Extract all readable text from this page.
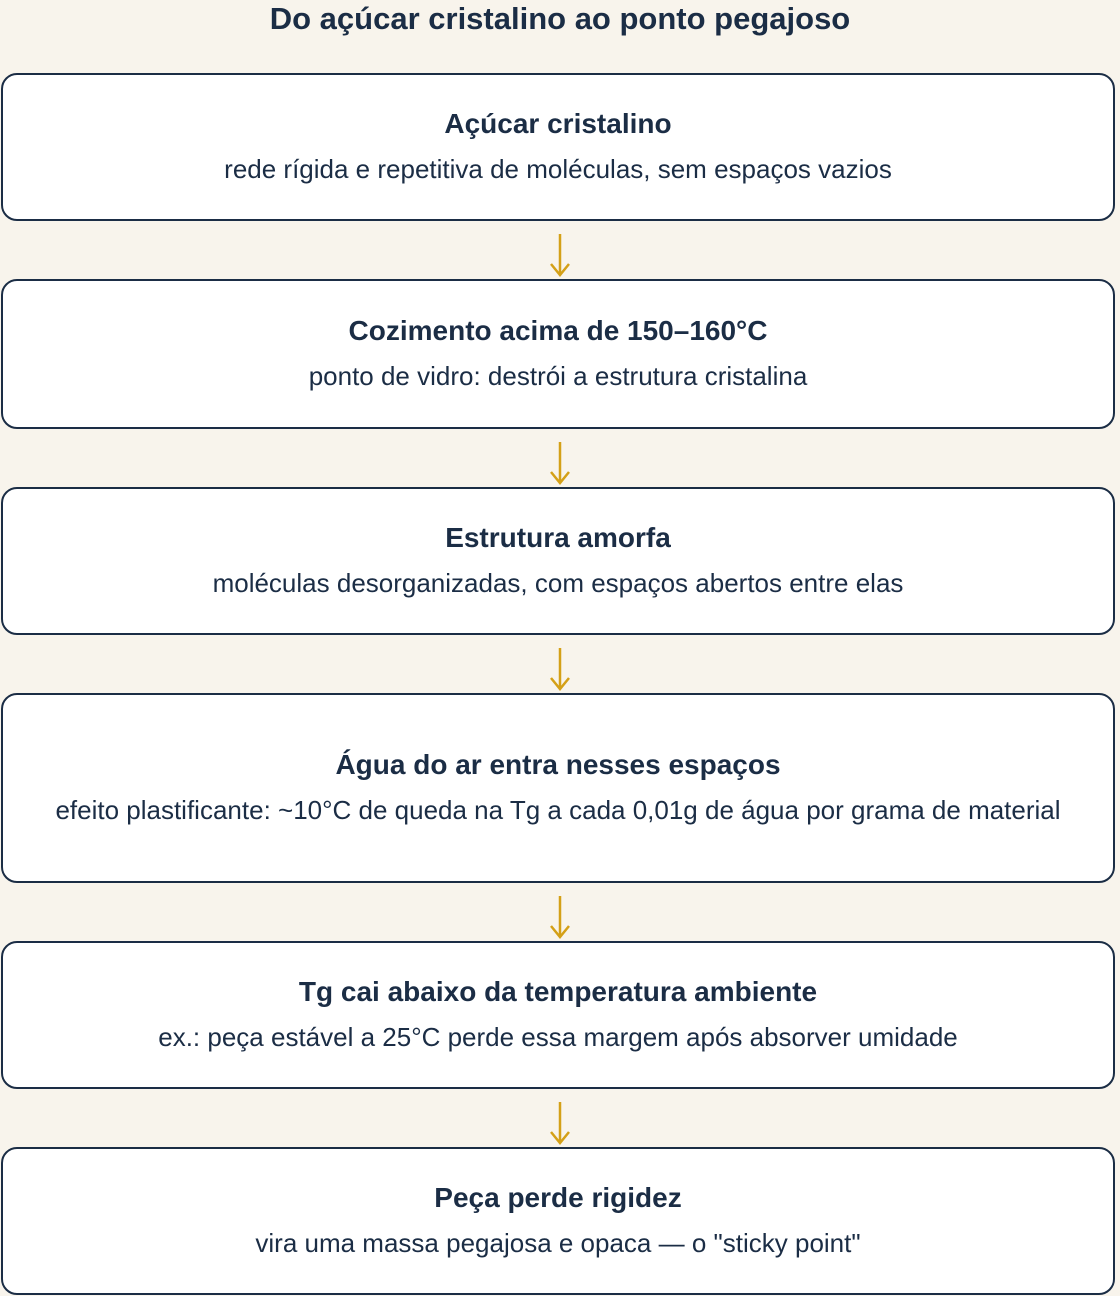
Do açúcar cristalino ao ponto pegajoso
Açúcar cristalino
rede rígida e repetitiva de moléculas, sem espaços vazios
Cozimento acima de 150–160°C
ponto de vidro: destrói a estrutura cristalina
Estrutura amorfa
moléculas desorganizadas, com espaços abertos entre elas
Água do ar entra nesses espaços
efeito plastificante: ~10°C de queda na Tg a cada 0,01g de água por grama de material
Tg cai abaixo da temperatura ambiente
ex.: peça estável a 25°C perde essa margem após absorver umidade
Peça perde rigidez
vira uma massa pegajosa e opaca — o "sticky point"
